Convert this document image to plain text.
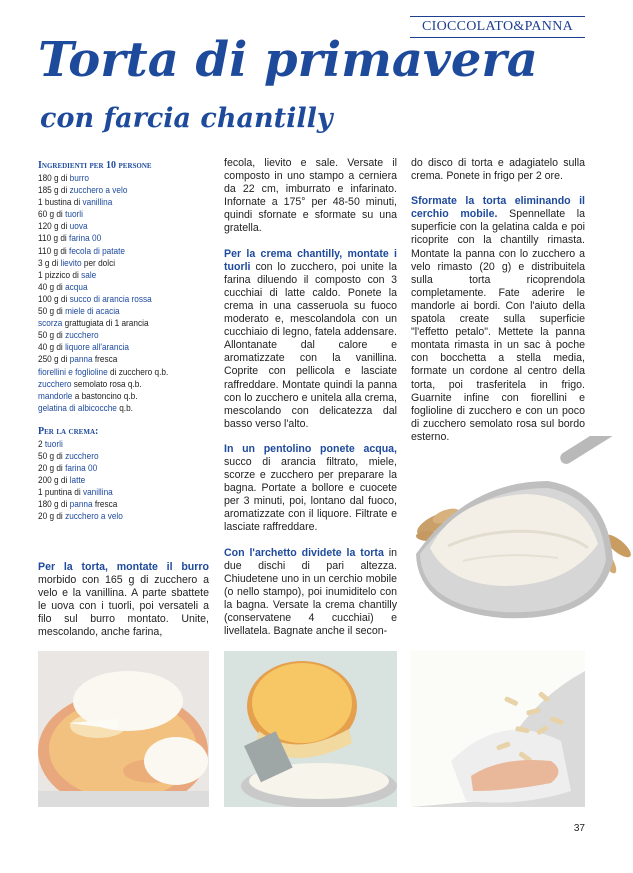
CIOCCOLATO&PANNA
Torta di primavera
con farcia chantilly
Ingredienti per 10 persone
180 g di burro
185 g di zucchero a velo
1 bustina di vanillina
60 g di tuorli
120 g di uova
110 g di farina 00
110 g di fecola di patate
3 g di lievito per dolci
1 pizzico di sale
40 g di acqua
100 g di succo di arancia rossa
50 g di miele di acacia
scorza grattugiata di 1 arancia
50 g di zucchero
40 g di liquore all'arancia
250 g di panna fresca
fiorellini e foglioline di zucchero q.b.
zucchero semolato rosa q.b.
mandorle a bastoncino q.b.
gelatina di albicocche q.b.
Per la crema:
2 tuorli
50 g di zucchero
20 g di farina 00
200 g di latte
1 puntina di vanillina
180 g di panna fresca
20 g di zucchero a velo

Per la torta, montate il burro morbido con 165 g di zucchero a velo e la vanillina. A parte sbattete le uova con i tuorli, poi versateli a filo sul burro montato. Unite, mescolando, anche farina,

fecola, lievito e sale. Versate il composto in uno stampo a cerniera da 22 cm, imburrato e infarinato. Infornate a 175° per 48-50 minuti, quindi sfornate e sformate su una gratella.

Per la crema chantilly, montate i tuorli con lo zucchero, poi unite la farina diluendo il composto con 3 cucchiai di latte caldo. Ponete la crema in una casseruola su fuoco moderato e, mescolandola con un cucchiaio di legno, fatela addensare. Allontanate dal calore e aromatizzate con la vanillina. Coprite con pellicola e lasciate raffreddare. Montate quindi la panna con lo zucchero e unitela alla crema, mescolando con delicatezza dal basso verso l'alto.

In un pentolino ponete acqua, succo di arancia filtrato, miele, scorze e zucchero per preparare la bagna. Portate a bollore e cuocete per 3 minuti, poi, lontano dal fuoco, aromatizzate con il liquore. Filtrate e lasciate raffreddare.

Con l'archetto dividete la torta in due dischi di pari altezza. Chiudetene uno in un cerchio mobile (o nello stampo), poi inumiditelo con la bagna. Versate la crema chantilly (conservatene 4 cucchiai) e livellatela. Bagnate anche il secon-

do disco di torta e adagiatelo sulla crema. Ponete in frigo per 2 ore.

Sformate la torta eliminando il cerchio mobile. Spennellate la superficie con la gelatina calda e poi ricoprite con la chantilly rimasta. Montate la panna con lo zucchero a velo rimasto (20 g) e distribuitela sulla torta ricoprendola completamente. Fate aderire le mandorle ai bordi. Con l'aiuto della spatola create sulla superficie "l'effetto petalo". Mettete la panna montata rimasta in un sac à poche con bocchetta a stella media, formate un cordone al centro della torta, poi trasferitela in frigo. Guarnite infine con fiorellini e foglioline di zucchero e con un poco di zucchero semolato rosa sul bordo esterno.

37
